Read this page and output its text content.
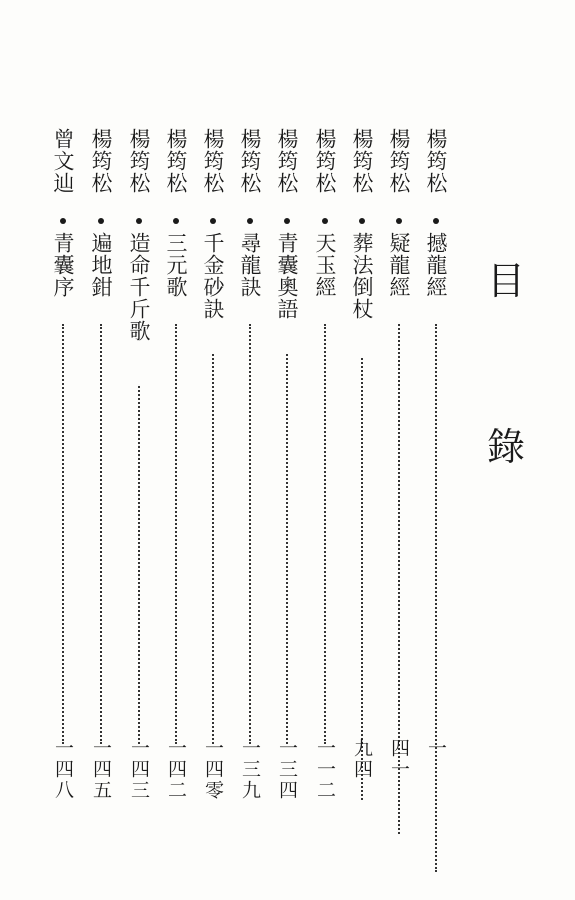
目
錄
楊筠松
撼龍經
一
楊筠松
疑龍經
四一
楊筠松
葬法倒杖
九四
楊筠松
天玉經
一一二
楊筠松
青囊奧語
一三四
楊筠松
尋龍訣
一三九
楊筠松
千金砂訣
一四零
楊筠松
三元歌
一四二
楊筠松
造命千斤歌
一四三
楊筠松
遍地鉗
一四五
曾文辿
青囊序
一四八
